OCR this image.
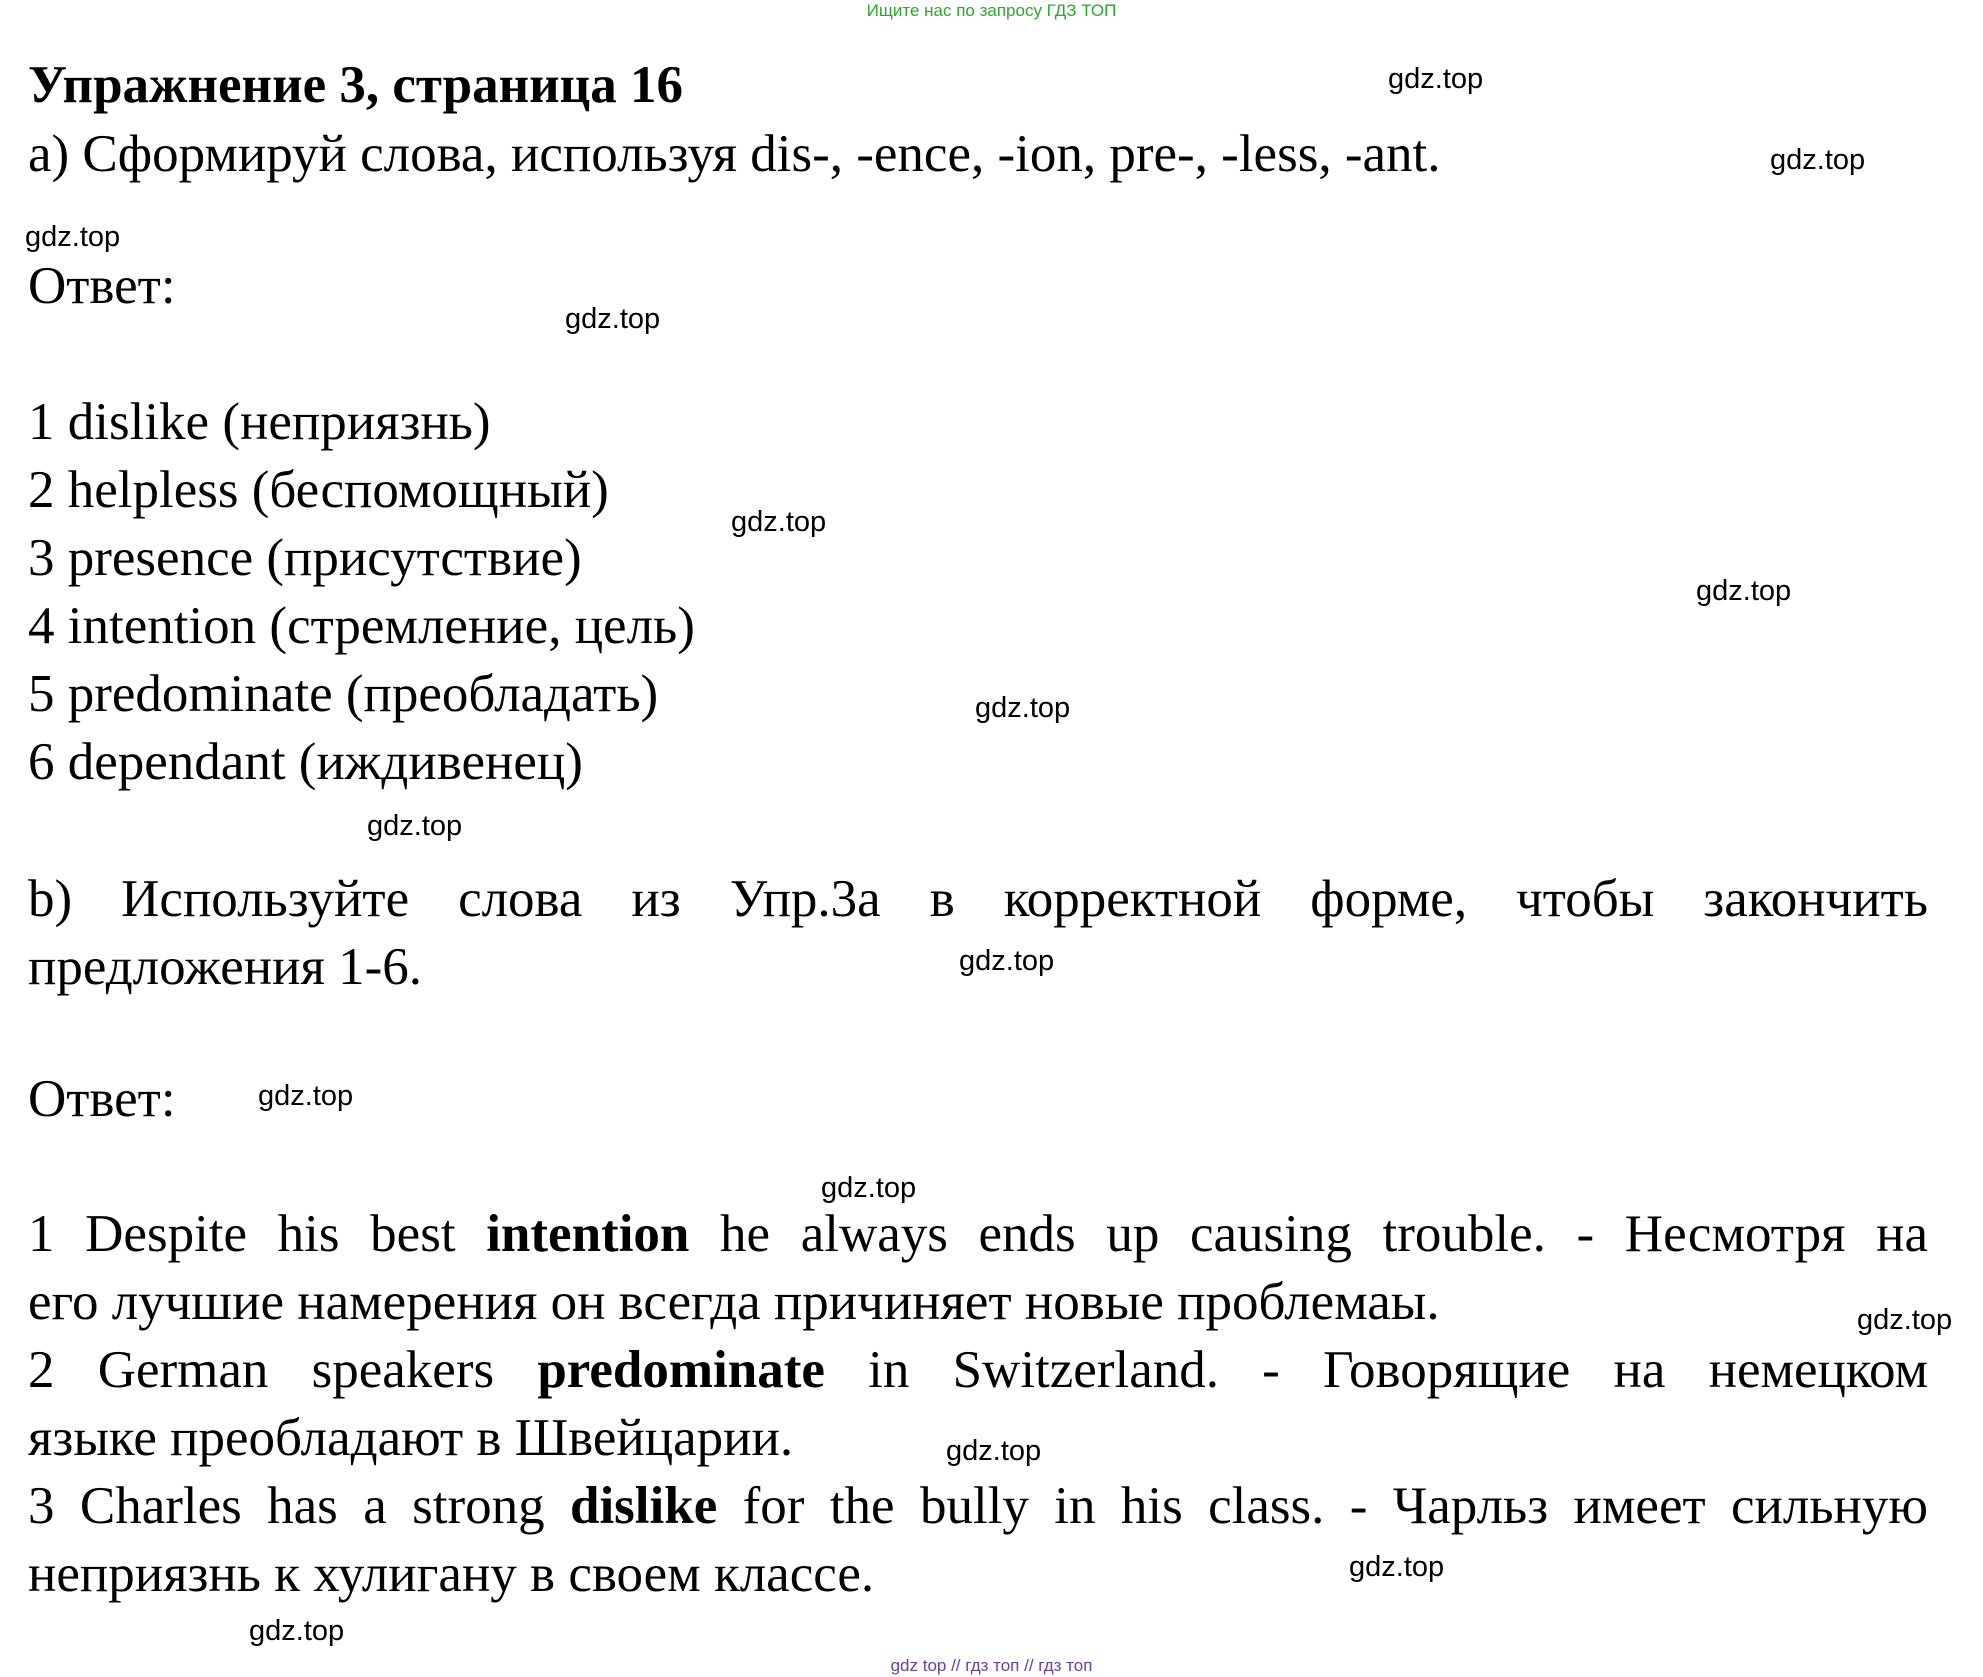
Ищите нас по запросу ГДЗ ТОП
Упражнение 3, страница 16
a) Сформируй слова, используя dis-, -ence, -ion, pre-, -less, -ant.
Ответ:
1 dislike (неприязнь)
2 helpless (беспомощный)
3 presence (присутствие)
4 intention (стремление, цель)
5 predominate (преобладать)
6 dependant (иждивенец)
b) Используйте слова из Упр.3а в корректной форме, чтобы закончить
предложения 1-6.
Ответ:
1 Despite his best intention he always ends up causing trouble. - Несмотря на
его лучшие намерения он всегда причиняет новые проблемаы.
2 German speakers predominate in Switzerland. - Говорящие на немецком
языке преобладают в Швейцарии.
3 Charles has a strong dislike for the bully in his class. - Чарльз имеет сильную
неприязнь к хулигану в своем классе.
gdz.top
gdz.top
gdz.top
gdz.top
gdz.top
gdz.top
gdz.top
gdz.top
gdz.top
gdz.top
gdz.top
gdz.top
gdz.top
gdz.top
gdz.top
gdz top // гдз топ // гдз топ
